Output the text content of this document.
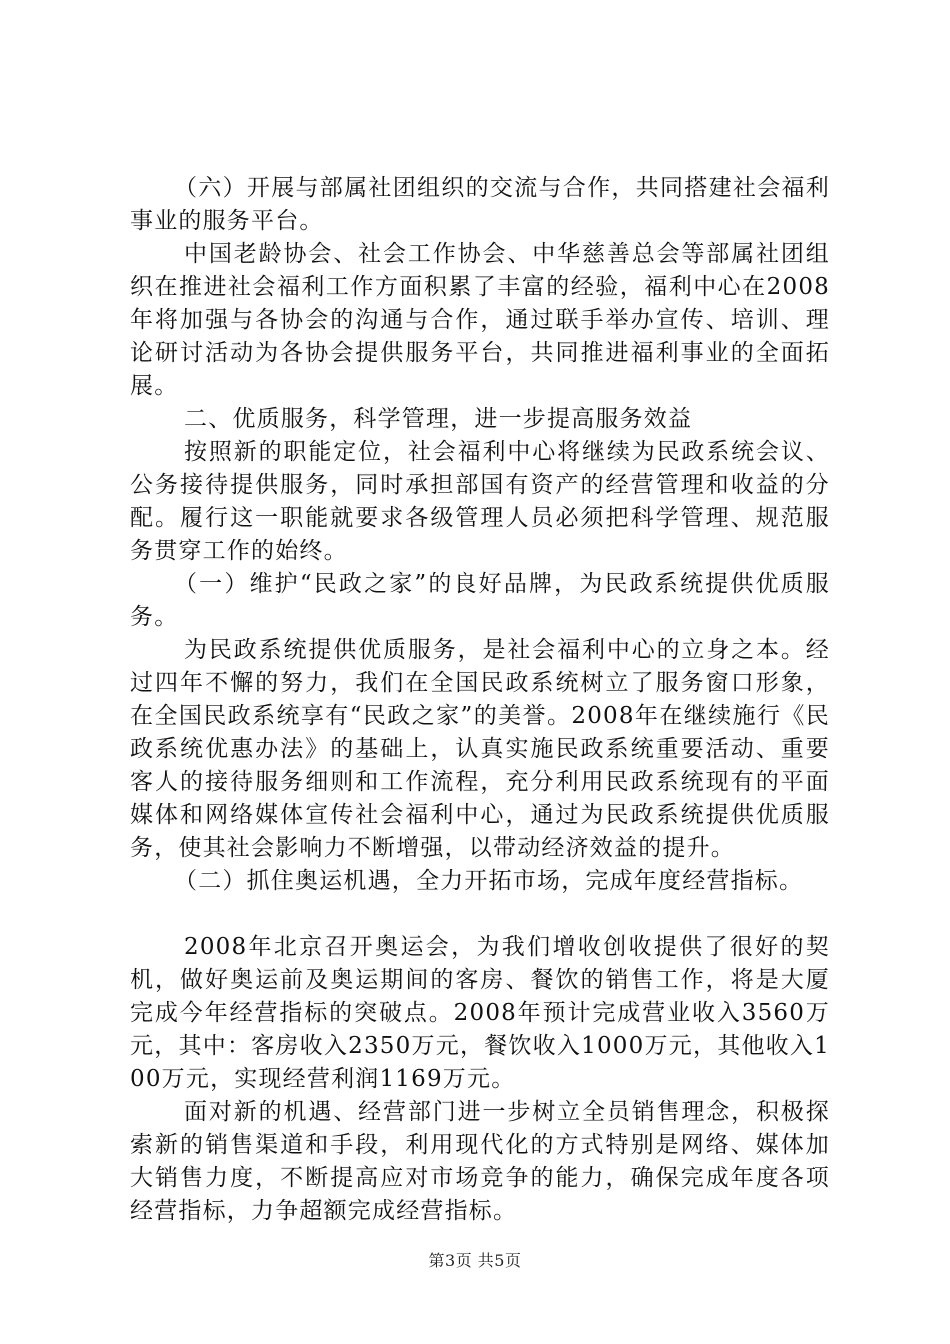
（六）开展与部属社团组织的交流与合作，共同搭建社会福利事业的服务平台。

中国老龄协会、社会工作协会、中华慈善总会等部属社团组织在推进社会福利工作方面积累了丰富的经验，福利中心在2008年将加强与各协会的沟通与合作，通过联手举办宣传、培训、理论研讨活动为各协会提供服务平台，共同推进福利事业的全面拓展。

二、优质服务，科学管理，进一步提高服务效益

按照新的职能定位，社会福利中心将继续为民政系统会议、公务接待提供服务，同时承担部国有资产的经营管理和收益的分配。履行这一职能就要求各级管理人员必须把科学管理、规范服务贯穿工作的始终。

（一）维护“民政之家”的良好品牌，为民政系统提供优质服务。

为民政系统提供优质服务，是社会福利中心的立身之本。经过四年不懈的努力，我们在全国民政系统树立了服务窗口形象，在全国民政系统享有“民政之家”的美誉。2008年在继续施行《民政系统优惠办法》的基础上，认真实施民政系统重要活动、重要客人的接待服务细则和工作流程，充分利用民政系统现有的平面媒体和网络媒体宣传社会福利中心，通过为民政系统提供优质服务，使其社会影响力不断增强，以带动经济效益的提升。

（二）抓住奥运机遇，全力开拓市场，完成年度经营指标。

2008年北京召开奥运会，为我们增收创收提供了很好的契机，做好奥运前及奥运期间的客房、餐饮的销售工作，将是大厦完成今年经营指标的突破点。2008年预计完成营业收入3560万元，其中：客房收入2350万元，餐饮收入1000万元，其他收入100万元，实现经营利润1169万元。

面对新的机遇、经营部门进一步树立全员销售理念，积极探索新的销售渠道和手段，利用现代化的方式特别是网络、媒体加大销售力度，不断提高应对市场竞争的能力，确保完成年度各项经营指标，力争超额完成经营指标。

第3页 共5页
